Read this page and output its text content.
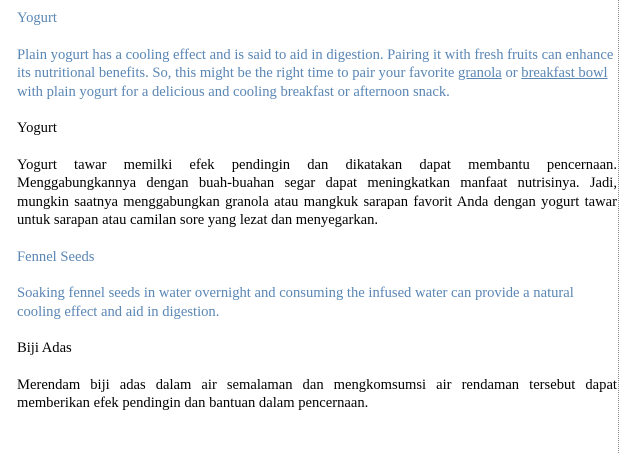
Yogurt

Plain yogurt has a cooling effect and is said to aid in digestion. Pairing it with fresh fruits can enhance its nutritional benefits. So, this might be the right time to pair your favorite granola or breakfast bowl with plain yogurt for a delicious and cooling breakfast or afternoon snack.

Yogurt

Yogurt tawar memilki efek pendingin dan dikatakan dapat membantu pencernaan. Menggabungkannya dengan buah-buahan segar dapat meningkatkan manfaat nutrisinya. Jadi, mungkin saatnya menggabungkan granola atau mangkuk sarapan favorit Anda dengan yogurt tawar untuk sarapan atau camilan sore yang lezat dan menyegarkan.

Fennel Seeds

Soaking fennel seeds in water overnight and consuming the infused water can provide a natural cooling effect and aid in digestion.

Biji Adas

Merendam biji adas dalam air semalaman dan mengkomsumsi air rendaman tersebut dapat memberikan efek pendingin dan bantuan dalam pencernaan.
